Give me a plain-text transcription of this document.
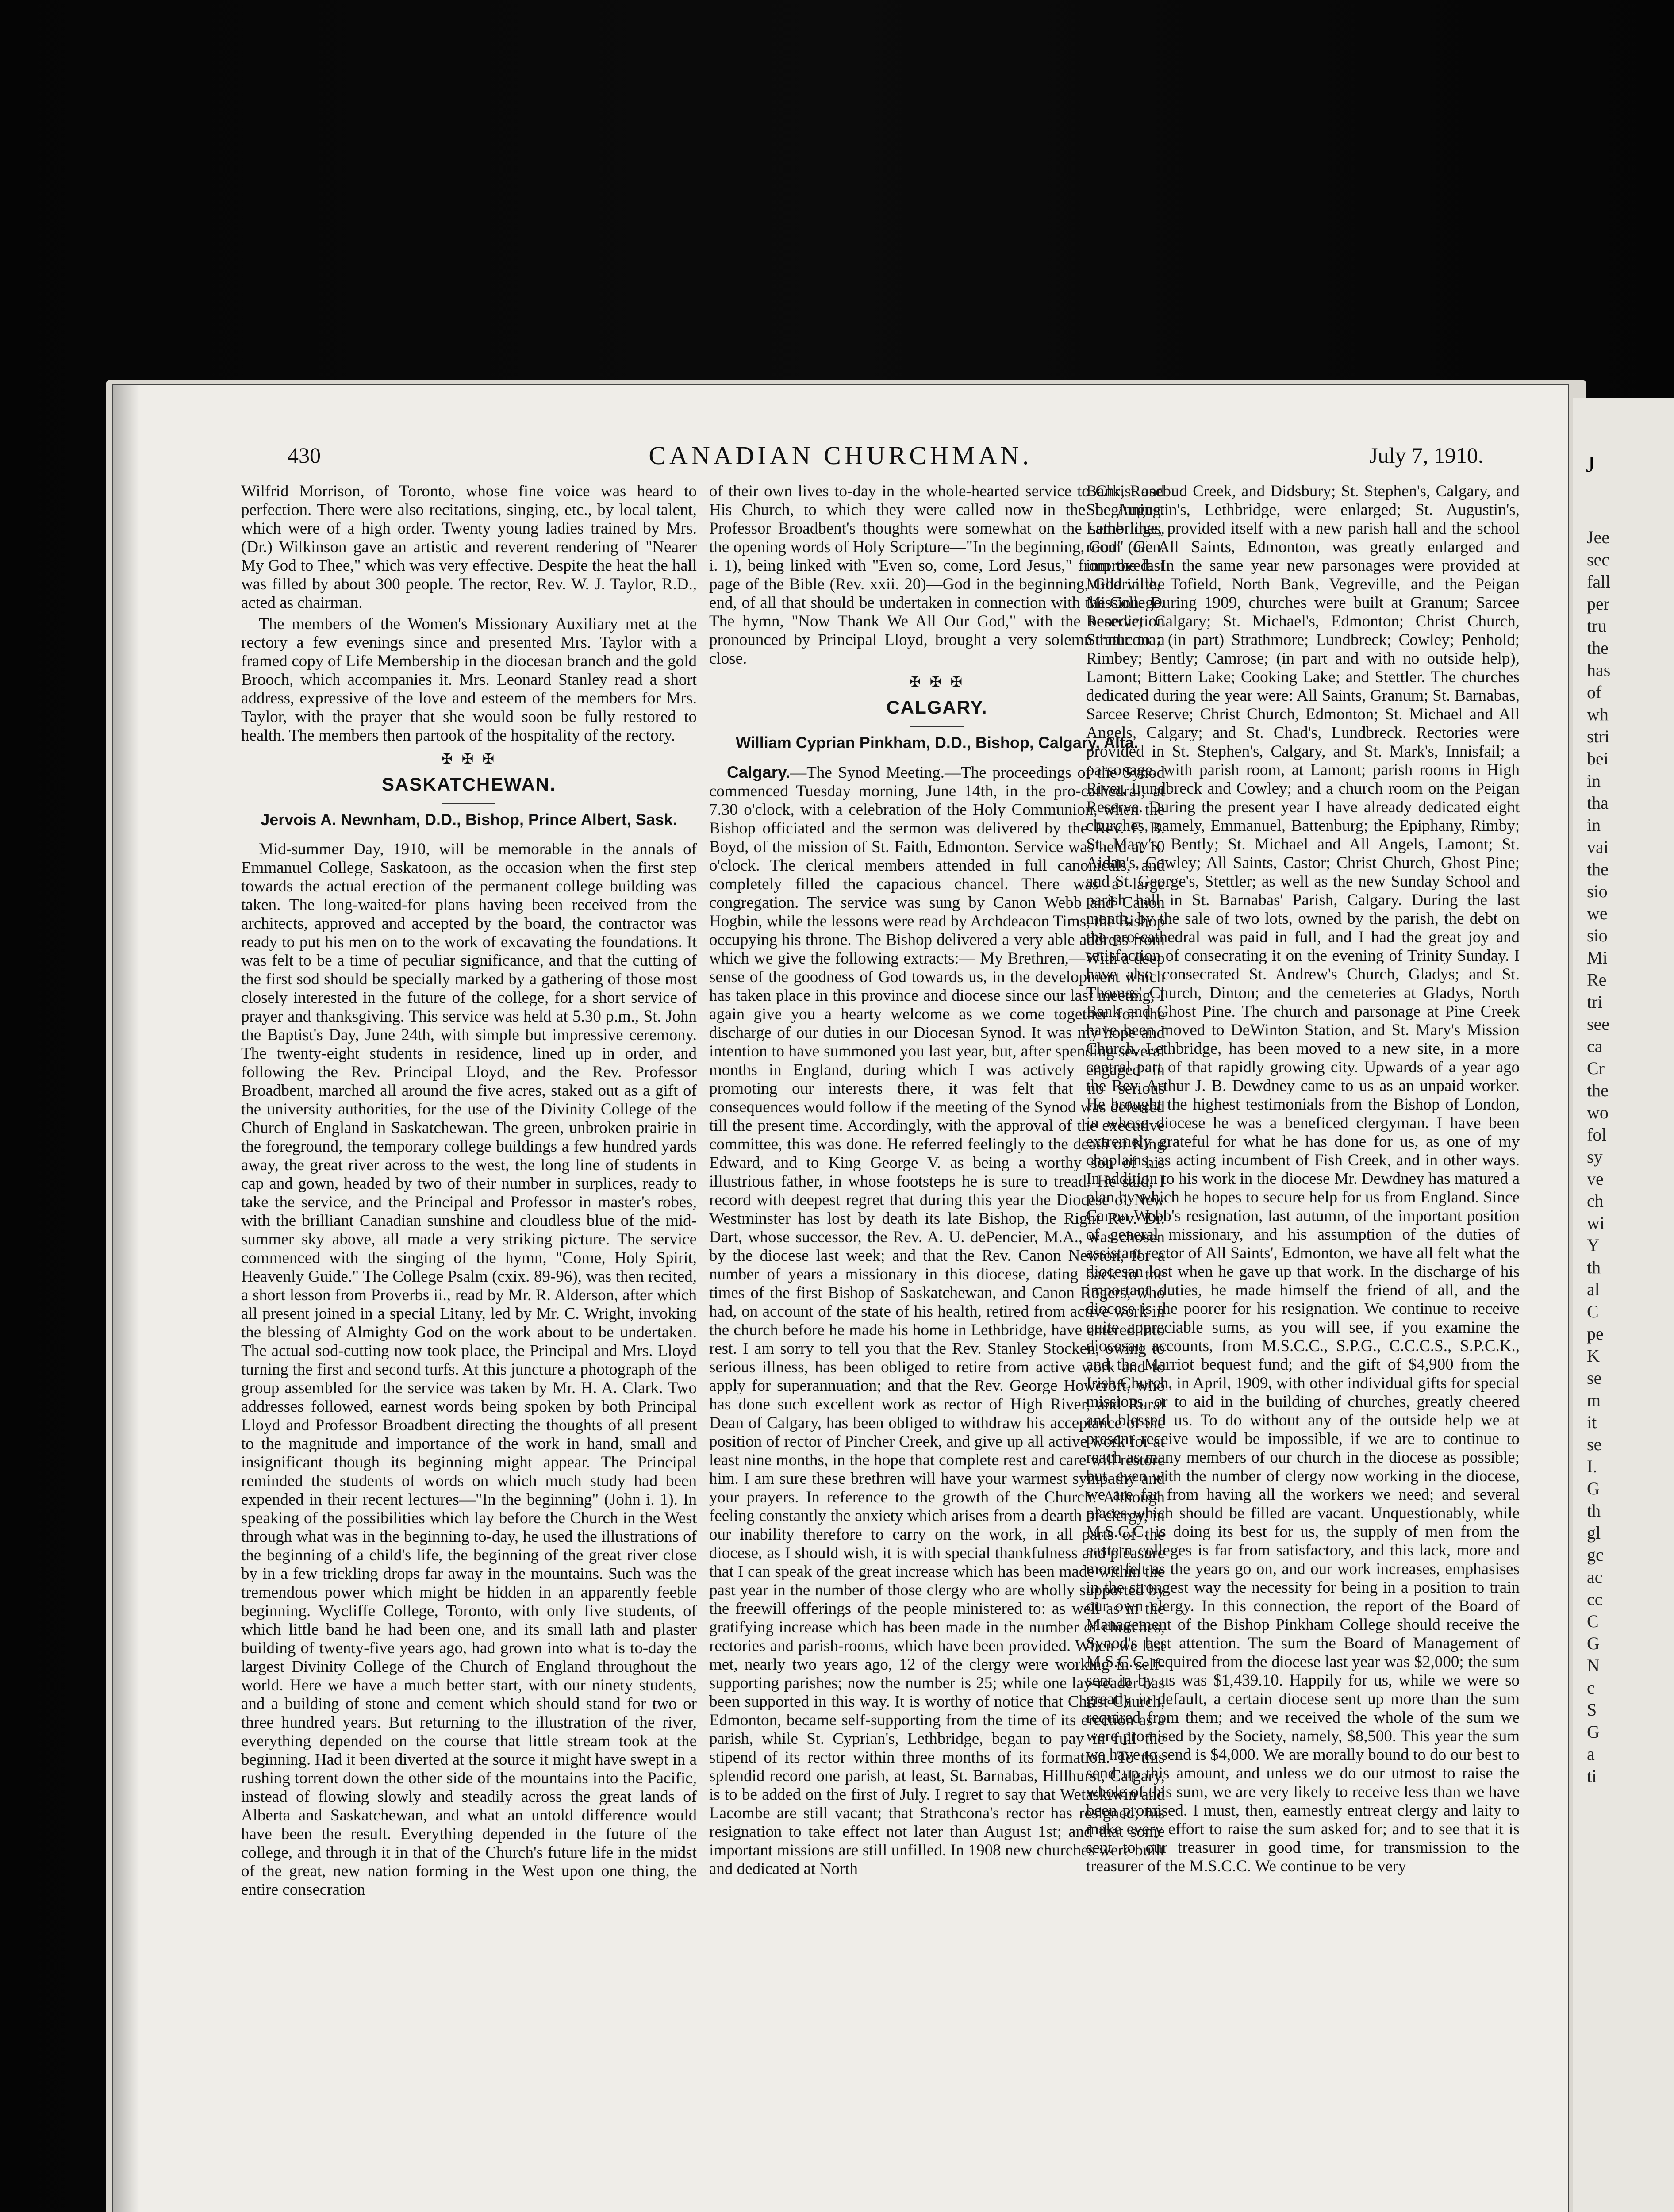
430	CANADIAN CHURCHMAN.	July 7, 1910.

Wilfrid Morrison, of Toronto, whose fine voice was heard to perfection. There were also recitations, singing, etc., by local talent, which were of a high order. Twenty young ladies trained by Mrs. (Dr.) Wilkinson gave an artistic and reverent rendering of "Nearer My God to Thee," which was very effective. Despite the heat the hall was filled by about 300 people. The rector, Rev. W. J. Taylor, R.D., acted as chairman.

The members of the Women's Missionary Auxiliary met at the rectory a few evenings since and presented Mrs. Taylor with a framed copy of Life Membership in the diocesan branch and the gold Brooch, which accompanies it. Mrs. Leonard Stanley read a short address, expressive of the love and esteem of the members for Mrs. Taylor, with the prayer that she would soon be fully restored to health. The members then partook of the hospitality of the rectory.

✠ ✠ ✠
SASKATCHEWAN.
Jervois A. Newnham, D.D., Bishop, Prince Albert, Sask.

Mid-summer Day, 1910, will be memorable in the annals of Emmanuel College, Saskatoon, as the occasion when the first step towards the actual erection of the permanent college building was taken. The long-waited-for plans having been received from the architects, approved and accepted by the board, the contractor was ready to put his men on to the work of excavating the foundations. It was felt to be a time of peculiar significance, and that the cutting of the first sod should be specially marked by a gathering of those most closely interested in the future of the college, for a short service of prayer and thanksgiving. This service was held at 5.30 p.m., St. John the Baptist's Day, June 24th, with simple but impressive ceremony. The twenty-eight students in residence, lined up in order, and following the Rev. Principal Lloyd, and the Rev. Professor Broadbent, marched all around the five acres, staked out as a gift of the university authorities, for the use of the Divinity College of the Church of England in Saskatchewan. The green, unbroken prairie in the foreground, the temporary college buildings a few hundred yards away, the great river across to the west, the long line of students in cap and gown, headed by two of their number in surplices, ready to take the service, and the Principal and Professor in master's robes, with the brilliant Canadian sunshine and cloudless blue of the mid-summer sky above, all made a very striking picture. The service commenced with the singing of the hymn, "Come, Holy Spirit, Heavenly Guide." The College Psalm (cxix. 89-96), was then recited, a short lesson from Proverbs ii., read by Mr. R. Alderson, after which all present joined in a special Litany, led by Mr. C. Wright, invoking the blessing of Almighty God on the work about to be undertaken. The actual sod-cutting now took place, the Principal and Mrs. Lloyd turning the first and second turfs. At this juncture a photograph of the group assembled for the service was taken by Mr. H. A. Clark. Two addresses followed, earnest words being spoken by both Principal Lloyd and Professor Broadbent directing the thoughts of all present to the magnitude and importance of the work in hand, small and insignificant though its beginning might appear. The Principal reminded the students of words on which much study had been expended in their recent lectures—"In the beginning" (John i. 1). In speaking of the possibilities which lay before the Church in the West through what was in the beginning to-day, he used the illustrations of the beginning of a child's life, the beginning of the great river close by in a few trickling drops far away in the mountains. Such was the tremendous power which might be hidden in an apparently feeble beginning. Wycliffe College, Toronto, with only five students, of which little band he had been one, and its small lath and plaster building of twenty-five years ago, had grown into what is to-day the largest Divinity College of the Church of England throughout the world. Here we have a much better start, with our ninety students, and a building of stone and cement which should stand for two or three hundred years. But returning to the illustration of the river, everything depended on the course that little stream took at the beginning. Had it been diverted at the source it might have swept in a rushing torrent down the other side of the mountains into the Pacific, instead of flowing slowly and steadily across the great lands of Alberta and Saskatchewan, and what an untold difference would have been the result. Everything depended in the future of the college, and through it in that of the Church's future life in the midst of the great, new nation forming in the West upon one thing, the entire consecration

of their own lives to-day in the whole-hearted service to Christ and His Church, to which they were called now in the beginning. Professor Broadbent's thoughts were somewhat on the same lines, the opening words of Holy Scripture—"In the beginning, God" (Gen. i. 1), being linked with "Even so, come, Lord Jesus," from the last page of the Bible (Rev. xxii. 20)—God in the beginning, God in the end, of all that should be undertaken in connection with the College. The hymn, "Now Thank We All Our God," with the benediction pronounced by Principal Lloyd, brought a very solemn hour to a close.

✠ ✠ ✠
CALGARY.
William Cyprian Pinkham, D.D., Bishop, Calgary, Alta.

Calgary.—The Synod Meeting.—The proceedings of the Synod commenced Tuesday morning, June 14th, in the pro-cathedral, at 7.30 o'clock, with a celebration of the Holy Communion, when the Bishop officiated and the sermon was delivered by the Rev. F. B. Boyd, of the mission of St. Faith, Edmonton. Service was held at 10 o'clock. The clerical members attended in full canonicals, and completely filled the capacious chancel. There was a large congregation. The service was sung by Canon Webb and Canon Hogbin, while the lessons were read by Archdeacon Tims, the Bishop occupying his throne. The Bishop delivered a very able address from which we give the following extracts:— My Brethren,—With a deep sense of the goodness of God towards us, in the development which has taken place in this province and diocese since our last meeting, I again give you a hearty welcome as we come together for the discharge of our duties in our Diocesan Synod. It was my hope and intention to have summoned you last year, but, after spending several months in England, during which I was actively engaged in promoting our interests there, it was felt that no serious consequences would follow if the meeting of the Synod was deferred till the present time. Accordingly, with the approval of the executive committee, this was done. He referred feelingly to the death of King Edward, and to King George V. as being a worthy son of his illustrious father, in whose footsteps he is sure to tread. He said, I record with deepest regret that during this year the Diocese of New Westminster has lost by death its late Bishop, the Right Rev. Dr. Dart, whose successor, the Rev. A. U. dePencier, M.A., was chosen by the diocese last week; and that the Rev. Canon Newton, for a number of years a missionary in this diocese, dating back to the times of the first Bishop of Saskatchewan, and Canon Rogers, who had, on account of the state of his health, retired from active work in the church before he made his home in Lethbridge, have entered into rest. I am sorry to tell you that the Rev. Stanley Stocken, owing to serious illness, has been obliged to retire from active work and to apply for superannuation; and that the Rev. George Howcroft, who has done such excellent work as rector of High River, and Rural Dean of Calgary, has been obliged to withdraw his acceptance of the position of rector of Pincher Creek, and give up all active work for at least nine months, in the hope that complete rest and care will restore him. I am sure these brethren will have your warmest sympathy and your prayers. In reference to the growth of the Church. Although feeling constantly the anxiety which arises from a dearth of clergy, in our inability therefore to carry on the work, in all parts of the diocese, as I should wish, it is with special thankfulness and pleasure that I can speak of the great increase which has been made within the past year in the number of those clergy who are wholly supported by the freewill offerings of the people ministered to: as well as in the gratifying increase which has been made in the number of churches, rectories and parish-rooms, which have been provided. When we last met, nearly two years ago, 12 of the clergy were working in self-supporting parishes; now the number is 25; while one lay-reader has been supported in this way. It is worthy of notice that Christ Church, Edmonton, became self-supporting from the time of its erection as a parish, while St. Cyprian's, Lethbridge, began to pay in full the stipend of its rector within three months of its formation. To this splendid record one parish, at least, St. Barnabas, Hillhurst, Calgary, is to be added on the first of July. I regret to say that Wetaskiwin and Lacombe are still vacant; that Strathcona's rector has resigned; his resignation to take effect not later than August 1st; and that some important missions are still unfilled. In 1908 new churches were built and dedicated at North

Bank, Rosebud Creek, and Didsbury; St. Stephen's, Calgary, and St. Augustin's, Lethbridge, were enlarged; St. Augustin's, Lethbridge, provided itself with a new parish hall and the school room of All Saints, Edmonton, was greatly enlarged and improved. In the same year new parsonages were provided at Millarville, Tofield, North Bank, Vegreville, and the Peigan Mission. During 1909, churches were built at Granum; Sarcee Reserve, Calgary; St. Michael's, Edmonton; Christ Church, Strathcona; (in part) Strathmore; Lundbreck; Cowley; Penhold; Rimbey; Bently; Camrose; (in part and with no outside help), Lamont; Bittern Lake; Cooking Lake; and Stettler. The churches dedicated during the year were: All Saints, Granum; St. Barnabas, Sarcee Reserve; Christ Church, Edmonton; St. Michael and All Angels, Calgary; and St. Chad's, Lundbreck. Rectories were provided in St. Stephen's, Calgary, and St. Mark's, Innisfail; a parsonage, with parish room, at Lamont; parish rooms in High River, Lundbreck and Cowley; and a church room on the Peigan Reserve. During the present year I have already dedicated eight churches, namely, Emmanuel, Battenburg; the Epiphany, Rimby; St. Mary's, Bently; St. Michael and All Angels, Lamont; St. Aidan's, Cowley; All Saints, Castor; Christ Church, Ghost Pine; and St. George's, Stettler; as well as the new Sunday School and parish hall in St. Barnabas' Parish, Calgary. During the last month, by the sale of two lots, owned by the parish, the debt on the pro-cathedral was paid in full, and I had the great joy and satisfaction of consecrating it on the evening of Trinity Sunday. I have also consecrated St. Andrew's Church, Gladys; and St. Thomas' Church, Dinton; and the cemeteries at Gladys, North Bank and Ghost Pine. The church and parsonage at Pine Creek have been moved to DeWinton Station, and St. Mary's Mission Church, Lethbridge, has been moved to a new site, in a more central part of that rapidly growing city. Upwards of a year ago the Rev. Arthur J. B. Dewdney came to us as an unpaid worker. He brought the highest testimonials from the Bishop of London, in whose diocese he was a beneficed clergyman. I have been extremely grateful for what he has done for us, as one of my chaplains, as acting incumbent of Fish Creek, and in other ways. In addition to his work in the diocese Mr. Dewdney has matured a plan by which he hopes to secure help for us from England. Since Canon Webb's resignation, last autumn, of the important position of general missionary, and his assumption of the duties of assistant rector of All Saints', Edmonton, we have all felt what the diocesan lost when he gave up that work. In the discharge of his important duties, he made himself the friend of all, and the diocese is the poorer for his resignation. We continue to receive quite appreciable sums, as you will see, if you examine the diocesan accounts, from M.S.C.C., S.P.G., C.C.C.S., S.P.C.K., and the Marriot bequest fund; and the gift of $4,900 from the Irish Church, in April, 1909, with other individual gifts for special missions, or to aid in the building of churches, greatly cheered and blessed us. To do without any of the outside help we at present receive would be impossible, if we are to continue to reach as many members of our church in the diocese as possible; but, even with the number of clergy now working in the diocese, we are far from having all the workers we need; and several places which should be filled are vacant. Unquestionably, while M.S.C.C. is doing its best for us, the supply of men from the eastern colleges is far from satisfactory, and this lack, more and more felt as the years go on, and our work increases, emphasises in the strongest way the necessity for being in a position to train our own clergy. In this connection, the report of the Board of Management of the Bishop Pinkham College should receive the Synod's best attention. The sum the Board of Management of M.S.C.C. required from the diocese last year was $2,000; the sum sent in by us was $1,439.10. Happily for us, while we were so greatly in default, a certain diocese sent up more than the sum required from them; and we received the whole of the sum we were promised by the Society, namely, $8,500. This year the sum we have to send is $4,000. We are morally bound to do our best to send up this amount, and unless we do our utmost to raise the whole of this sum, we are very likely to receive less than we have been promised. I must, then, earnestly entreat clergy and laity to make every effort to raise the sum asked for; and to see that it is sent to our treasurer in good time, for transmission to the treasurer of the M.S.C.C. We continue to be very

J
Jee
sec
fall
per
tru
the
has
of
wh
stri
bei
in
tha
in
vai
the
sio
we
sio
Mi
Re
tri
see
ca
Cr
the
wo
fol
sy
ve
ch
wi
Y
th
al
C
pe
K
se
m
it
se
I.
G
th
gl
gc
ac
cc
C
G
N
c
S
G
a
ti
